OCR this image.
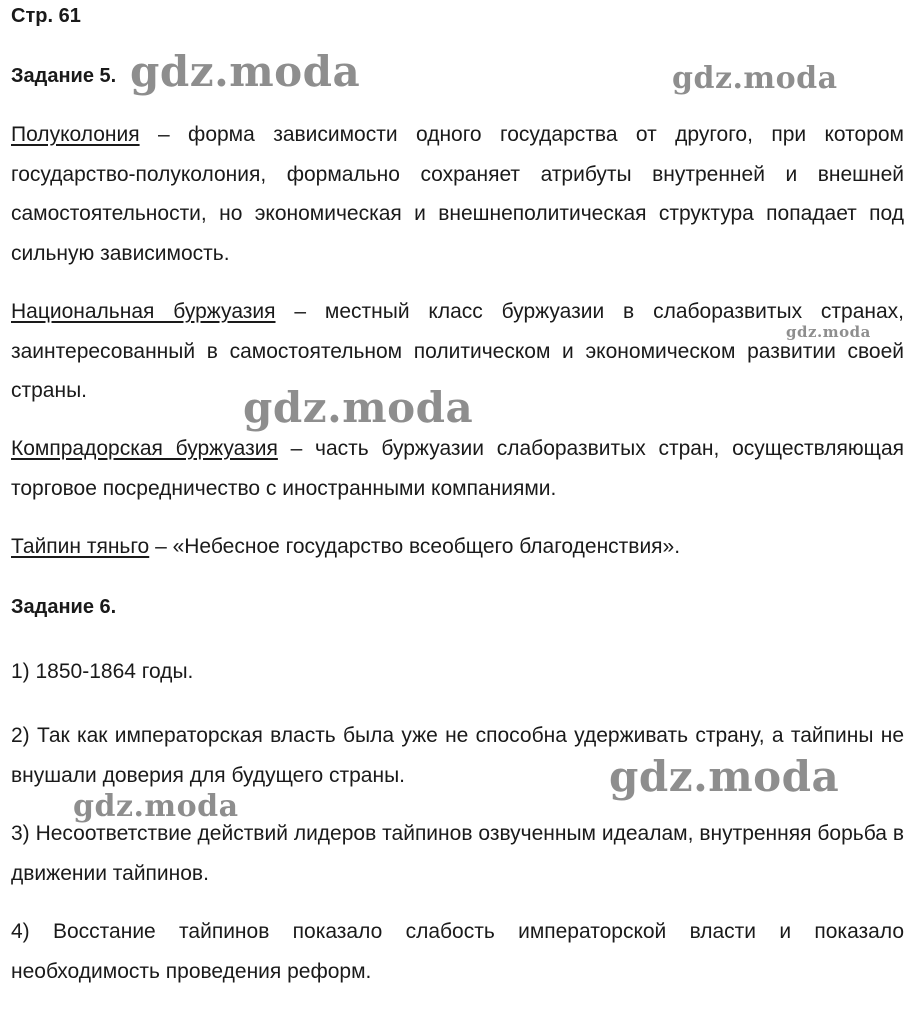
Стр. 61
Задание 5.

Полуколония – форма зависимости одного государства от другого, при котором государство-полуколония, формально сохраняет атрибуты внутренней и внешней самостоятельности, но экономическая и внешнеполитическая структура попадает под сильную зависимость.

Национальная буржуазия – местный класс буржуазии в слаборазвитых странах, заинтересованный в самостоятельном политическом и экономическом развитии своей страны.

Компрадорская буржуазия – часть буржуазии слаборазвитых стран, осуществляющая торговое посредничество с иностранными компаниями.

Тайпин тяньго – «Небесное государство всеобщего благоденствия».

Задание 6.

1) 1850-1864 годы.

2) Так как императорская власть была уже не способна удерживать страну, а тайпины не внушали доверия для будущего страны.

3) Несоответствие действий лидеров тайпинов озвученным идеалам, внутренняя борьба в движении тайпинов.

4) Восстание тайпинов показало слабость императорской власти и показало необходимость проведения реформ.

gdz.moda	gdz.moda
gdz.moda
gdz.moda
gdz.moda
gdz.moda
